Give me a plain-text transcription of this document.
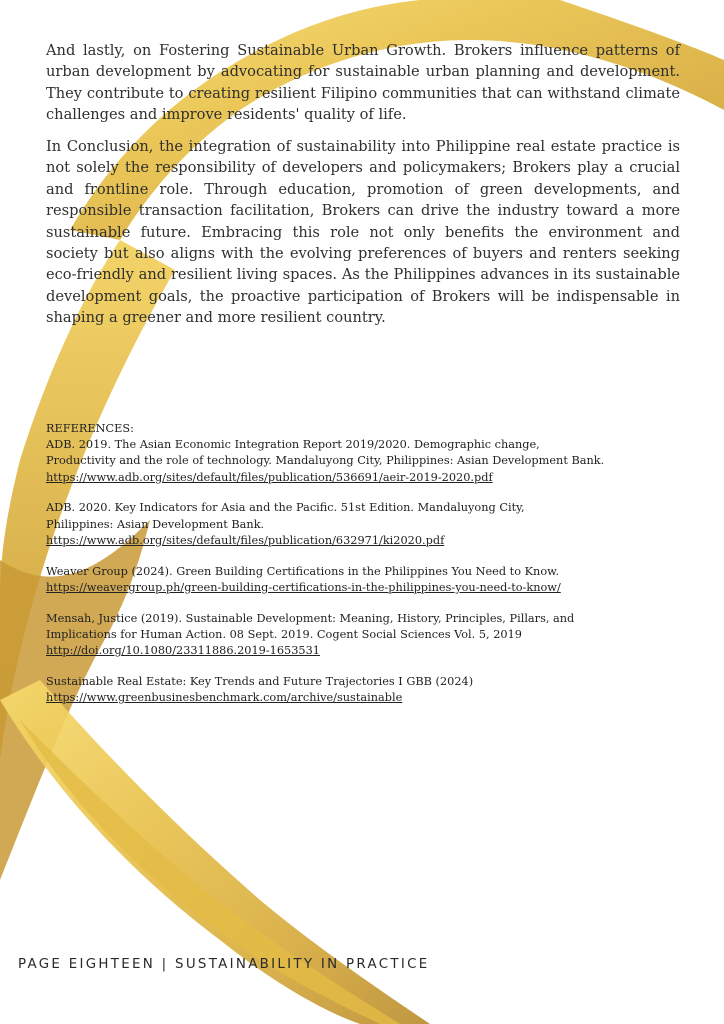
And lastly, on Fostering Sustainable Urban Growth. Brokers influence patterns of urban development by advocating for sustainable urban planning and development. They contribute to creating resilient Filipino communities that can withstand climate challenges and improve residents' quality of life.

In Conclusion, the integration of sustainability into Philippine real estate practice is not solely the responsibility of developers and policymakers; Brokers play a crucial and frontline role. Through education, promotion of green developments, and responsible transaction facilitation, Brokers can drive the industry toward a more sustainable future. Embracing this role not only benefits the environment and society but also aligns with the evolving preferences of buyers and renters seeking eco-friendly and resilient living spaces. As the Philippines advances in its sustainable development goals, the proactive participation of Brokers will be indispensable in shaping a greener and more resilient country.

REFERENCES:

ADB. 2019. The Asian Economic Integration Report 2019/2020. Demographic change,
Productivity and the role of technology. Mandaluyong City, Philippines: Asian Development Bank.
https://www.adb.org/sites/default/files/publication/536691/aeir-2019-2020.pdf
ADB. 2020. Key Indicators for Asia and the Pacific. 51st Edition. Mandaluyong City,
Philippines: Asian Development Bank.
https://www.adb.org/sites/default/files/publication/632971/ki2020.pdf
Weaver Group (2024). Green Building Certifications in the Philippines You Need to Know.
https://weavergroup.ph/green-building-certifications-in-the-philippines-you-need-to-know/
Mensah, Justice (2019). Sustainable Development: Meaning, History, Principles, Pillars, and
Implications for Human Action. 08 Sept. 2019. Cogent Social Sciences Vol. 5, 2019
http://doi.org/10.1080/23311886.2019-1653531
Sustainable Real Estate: Key Trends and Future Trajectories I GBB (2024)
https://www.greenbusinesbenchmark.com/archive/sustainable
PAGE EIGHTEEN | SUSTAINABILITY IN PRACTICE
